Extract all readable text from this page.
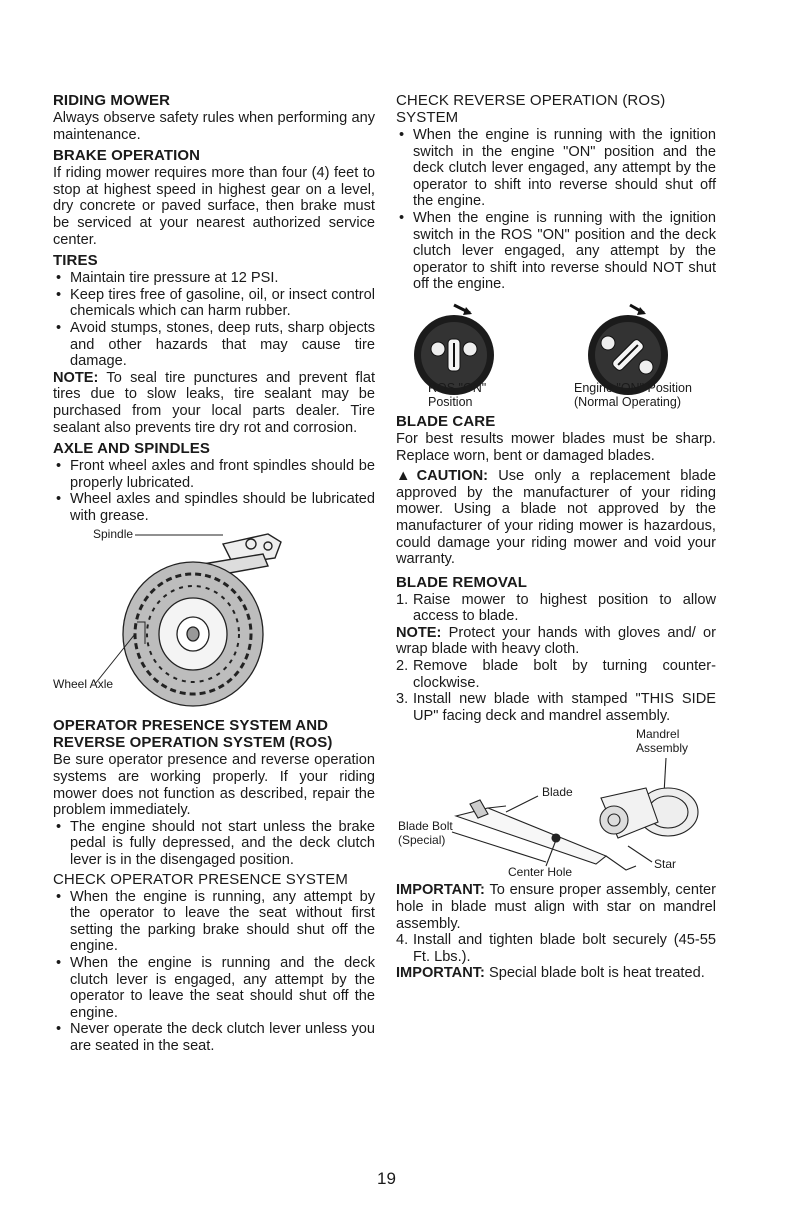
RIDING MOWER

Always observe safety rules when performing any maintenance.

BRAKE OPERATION

If riding mower requires more than four (4) feet to stop at highest speed in highest gear on a level, dry concrete or paved surface, then brake must be serviced at your nearest authorized service center.

TIRES
• Maintain tire pressure at 12 PSI.
• Keep tires free of gasoline, oil, or insect control chemicals which can harm rubber.
• Avoid stumps, stones, deep ruts, sharp objects and other hazards that may cause tire damage.

NOTE: To seal tire punctures and prevent flat tires due to slow leaks, tire sealant may be purchased from your local parts dealer. Tire sealant also prevents tire dry rot and corrosion.

AXLE AND SPINDLES
• Front wheel axles and front spindles should be properly lubricated.
• Wheel axles and spindles should be lubricated with grease.
Spindle
Wheel Axle
OPERATOR PRESENCE SYSTEM AND REVERSE OPERATION SYSTEM (ROS)

Be sure operator presence and reverse operation systems are working properly. If your riding mower does not function as described, repair the problem immediately.

• The engine should not start unless the brake pedal is fully depressed, and the deck clutch lever is in the disengaged position.
CHECK OPERATOR PRESENCE SYSTEM
• When the engine is running, any attempt by the operator to leave the seat without first setting the parking brake should shut off the engine.
• When the engine is running and the deck clutch lever is engaged, any attempt by the operator to leave the seat should shut off the engine.
• Never operate the deck clutch lever unless you are seated in the seat.
CHECK REVERSE OPERATION (ROS) SYSTEM
• When the engine is running with the ignition switch in the engine "ON" position and the deck clutch lever engaged, any attempt by the operator to shift into reverse should shut off the engine.
• When the engine is running with the ignition switch in the ROS "ON" position and the deck clutch lever engaged, any attempt by the operator to shift into reverse should NOT shut off the engine.
ROS "ON"
Position
Engine "ON" Position
(Normal Operating)
BLADE CARE

For best results mower blades must be sharp. Replace worn, bent or damaged blades.

▲CAUTION: Use only a replacement blade approved by the manufacturer of your riding mower. Using a blade not approved by the manufacturer of your riding mower is hazardous, could damage your riding mower and void your warranty.

BLADE REMOVAL
1. Raise mower to highest position to allow access to blade.

NOTE: Protect your hands with gloves and/ or wrap blade with heavy cloth.

2. Remove blade bolt by turning counter-clockwise.
3. Install new blade with stamped "THIS SIDE UP" facing deck and mandrel assembly.
Mandrel
Assembly
Blade
Blade Bolt
(Special)
Star
Center Hole

IMPORTANT: To ensure proper assembly, center hole in blade must align with star on mandrel assembly.

4. Install and tighten blade bolt securely (45-55 Ft. Lbs.).

IMPORTANT: Special blade bolt is heat treated.

19
